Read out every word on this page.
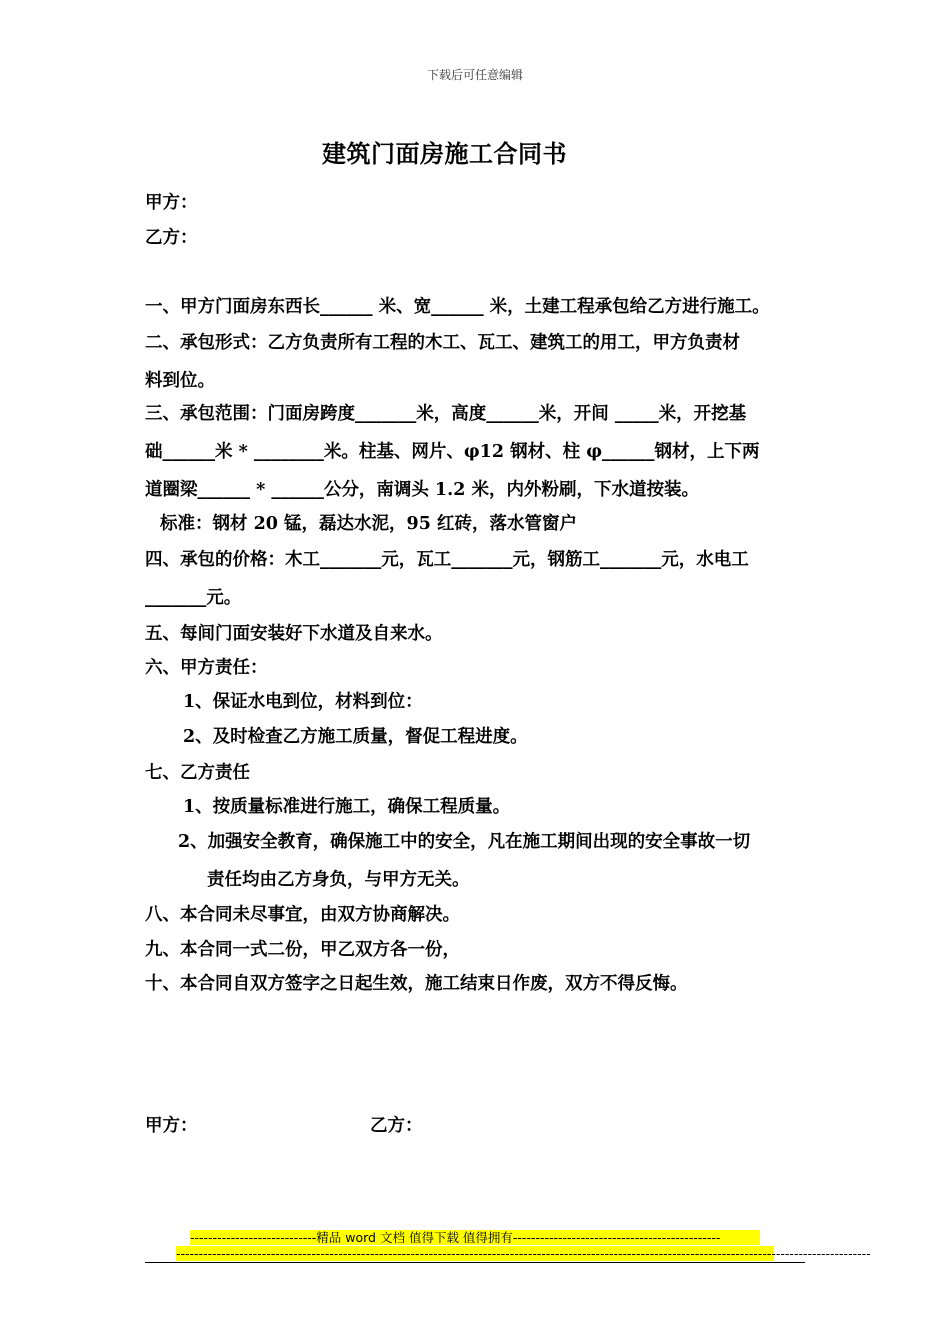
下载后可任意编辑
建筑门面房施工合同书
甲方：
乙方：
一、甲方门面房东西长______ 米、宽______ 米，土建工程承包给乙方进行施工。
二、承包形式：乙方负责所有工程的木工、瓦工、建筑工的用工，甲方负责材
料到位。
三、承包范围：门面房跨度_______米，高度______米，开间 _____米，开挖基
础______米 * ________米。柱基、网片、φ12 钢材、柱 φ______钢材，上下两
道圈梁______ * ______公分，南调头 1.2 米，内外粉刷，下水道按装。
标准：钢材 20 锰，磊达水泥，95 红砖，落水管窗户
四、承包的价格：木工_______元，瓦工_______元，钢筋工_______元，水电工
_______元。
五、每间门面安装好下水道及自来水。
六、甲方责任：
1、保证水电到位，材料到位：
2、及时检查乙方施工质量，督促工程进度。
七、乙方责任
1、按质量标准进行施工，确保工程质量。
2、加强安全教育，确保施工中的安全，凡在施工期间出现的安全事故一切
责任均由乙方身负，与甲方无关。
八、本合同未尽事宜，由双方协商解决。
九、本合同一式二份，甲乙双方各一份，
十、本合同自双方签字之日起生效，施工结束日作废，双方不得反悔。
甲方：	乙方：
----------------------------精品 word 文档 值得下载 值得拥有----------------------------------------------
----------------------------------------------------------------------------------------------------------------------------------------------------------
